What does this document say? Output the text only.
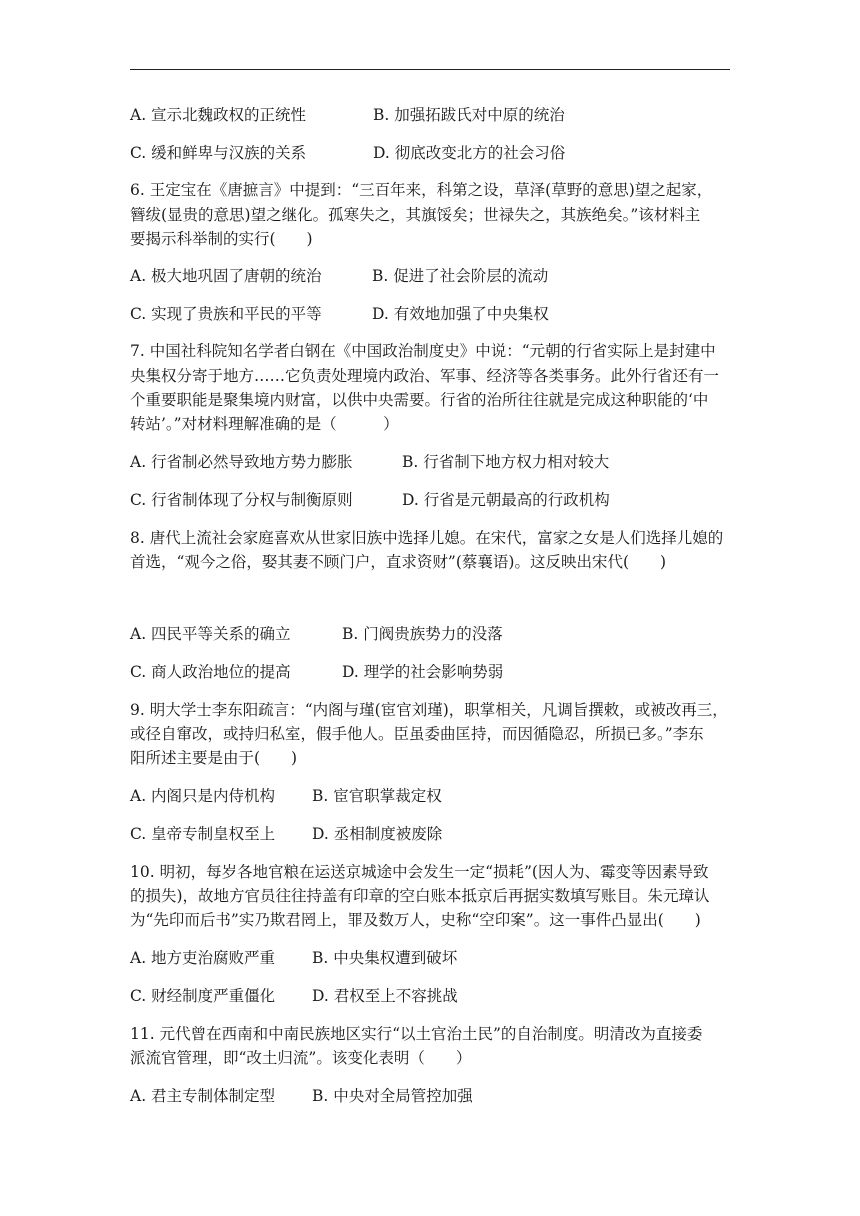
A. 宣示北魏政权的正统性	B. 加强拓跋氏对中原的统治
C. 缓和鲜卑与汉族的关系	D. 彻底改变北方的社会习俗
6. 王定宝在《唐摭言》中提到：“三百年来，科第之设，草泽(草野的意思)望之起家，
簪绂(显贵的意思)望之继化。孤寒失之，其旗馁矣；世禄失之，其族绝矣。”该材料主
要揭示科举制的实行(　　)
A. 极大地巩固了唐朝的统治	B. 促进了社会阶层的流动
C. 实现了贵族和平民的平等	D. 有效地加强了中央集权
7. 中国社科院知名学者白钢在《中国政治制度史》中说：“元朝的行省实际上是封建中
央集权分寄于地方……它负责处理境内政治、军事、经济等各类事务。此外行省还有一
个重要职能是聚集境内财富，以供中央需要。行省的治所往往就是完成这种职能的‘中
转站’。”对材料理解准确的是（　　　）
A. 行省制必然导致地方势力膨胀	B. 行省制下地方权力相对较大
C. 行省制体现了分权与制衡原则	D. 行省是元朝最高的行政机构
8. 唐代上流社会家庭喜欢从世家旧族中选择儿媳。在宋代，富家之女是人们选择儿媳的
首选，“观今之俗，娶其妻不顾门户，直求资财”(蔡襄语)。这反映出宋代(　　)
A. 四民平等关系的确立	B. 门阀贵族势力的没落
C. 商人政治地位的提高	D. 理学的社会影响势弱
9. 明大学士李东阳疏言：“内阁与瑾(宦官刘瑾)，职掌相关，凡调旨撰敕，或被改再三，
或径自窜改，或持归私室，假手他人。臣虽委曲匡持，而因循隐忍，所损已多。”李东
阳所述主要是由于(　　)
A. 内阁只是内侍机构 B. 宦官职掌裁定权
C. 皇帝专制皇权至上 D. 丞相制度被废除
10. 明初，每岁各地官粮在运送京城途中会发生一定“损耗”(因人为、霉变等因素导致
的损失)，故地方官员往往持盖有印章的空白账本抵京后再据实数填写账目。朱元璋认
为“先印而后书”实乃欺君罔上，罪及数万人，史称“空印案”。这一事件凸显出(　　)
A. 地方吏治腐败严重 B. 中央集权遭到破坏
C. 财经制度严重僵化 D. 君权至上不容挑战
11. 元代曾在西南和中南民族地区实行“以土官治土民”的自治制度。明清改为直接委
派流官管理，即“改土归流”。该变化表明（　　）
A. 君主专制体制定型 B. 中央对全局管控加强
